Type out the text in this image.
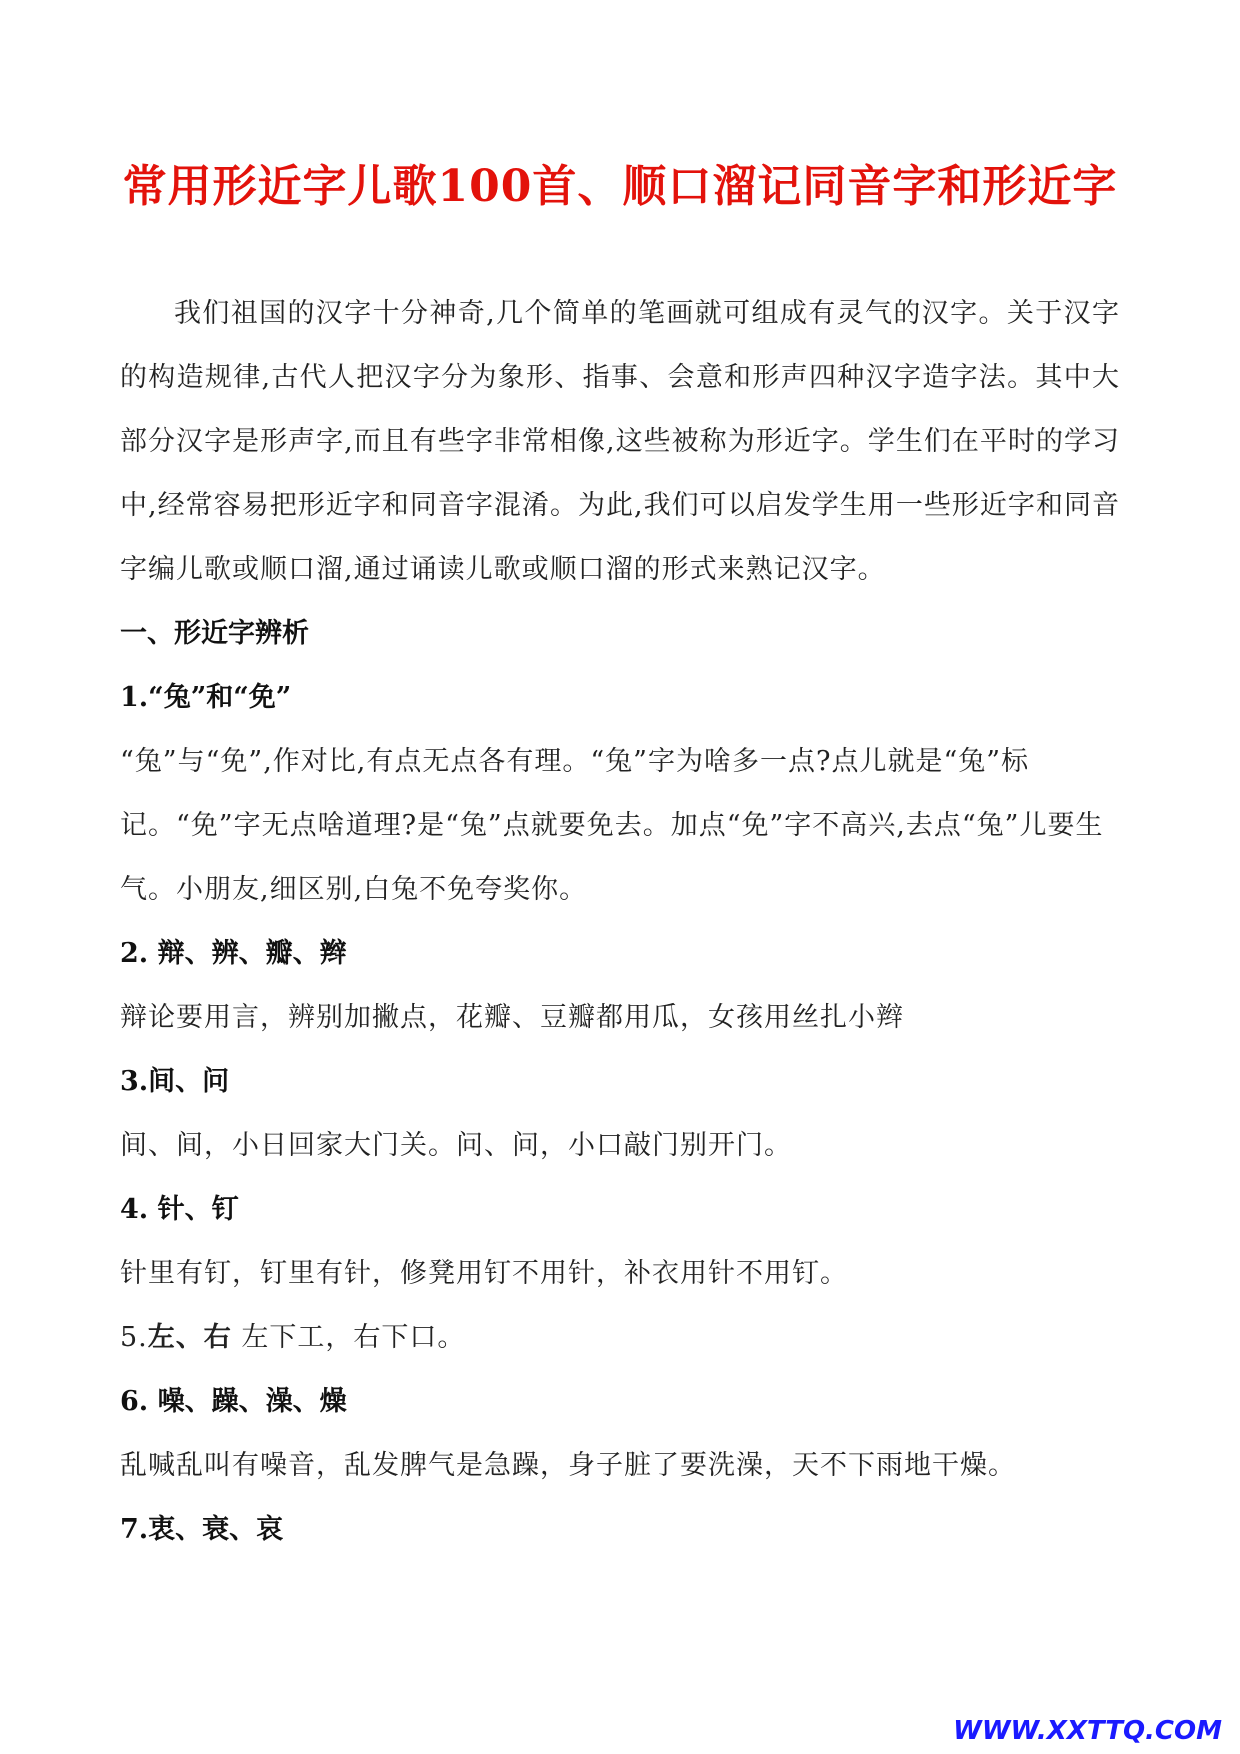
常用形近字儿歌100首、顺口溜记同音字和形近字

我们祖国的汉字十分神奇,几个简单的笔画就可组成有灵气的汉字。关于汉字的构造规律,古代人把汉字分为象形、指事、会意和形声四种汉字造字法。其中大部分汉字是形声字,而且有些字非常相像,这些被称为形近字。学生们在平时的学习中,经常容易把形近字和同音字混淆。为此,我们可以启发学生用一些形近字和同音字编儿歌或顺口溜,通过诵读儿歌或顺口溜的形式来熟记汉字。

一、形近字辨析

1.“兔”和“免”

“兔”与“免”,作对比,有点无点各有理。“兔”字为啥多一点?点儿就是“兔”标记。“免”字无点啥道理?是“兔”点就要免去。加点“免”字不高兴,去点“兔”儿要生气。小朋友,细区别,白兔不免夸奖你。

2. 辩、辨、瓣、辫

辩论要用言，辨别加撇点，花瓣、豆瓣都用瓜，女孩用丝扎小辫

3.间、问

间、间，小日回家大门关。问、问，小口敲门别开门。

4. 针、钉

针里有钉，钉里有针，修凳用钉不用针，补衣用针不用钉。

5.左、右 左下工，右下口。

6. 噪、躁、澡、燥

乱喊乱叫有噪音，乱发脾气是急躁，身子脏了要洗澡，天不下雨地干燥。

7.衷、衰、哀

WWW.XXTTQ.COM
